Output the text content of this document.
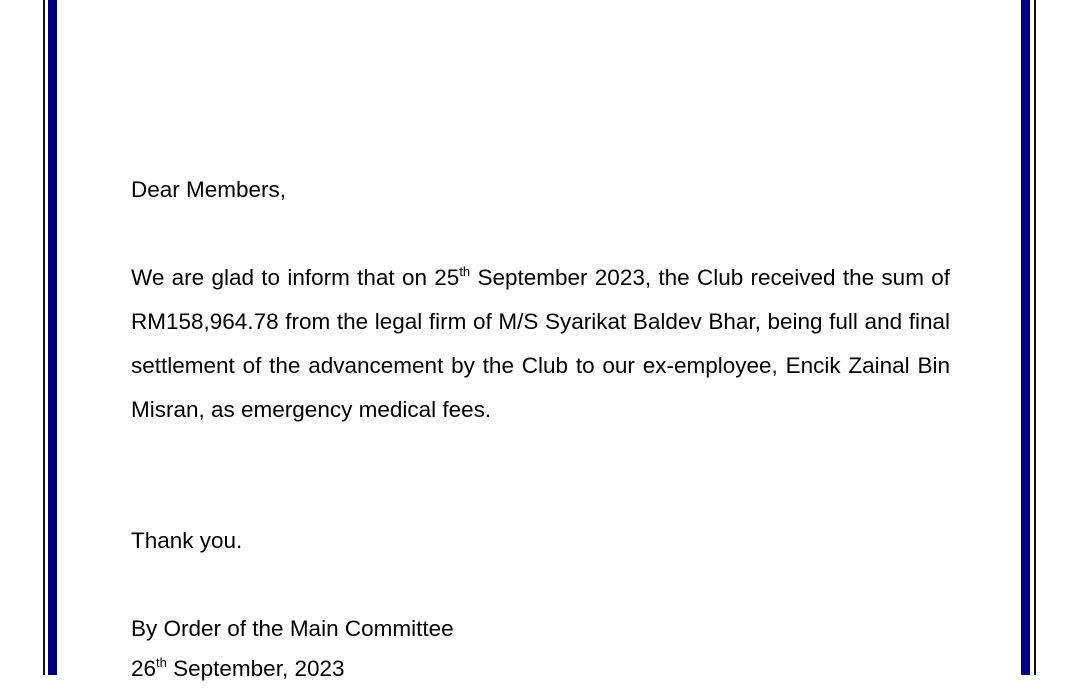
Dear Members,

We are glad to inform that on 25th September 2023, the Club received the sum of RM158,964.78 from the legal firm of M/S Syarikat Baldev Bhar, being full and final settlement of the advancement by the Club to our ex-employee, Encik Zainal Bin Misran, as emergency medical fees.

Thank you.

By Order of the Main Committee

26th September, 2023
